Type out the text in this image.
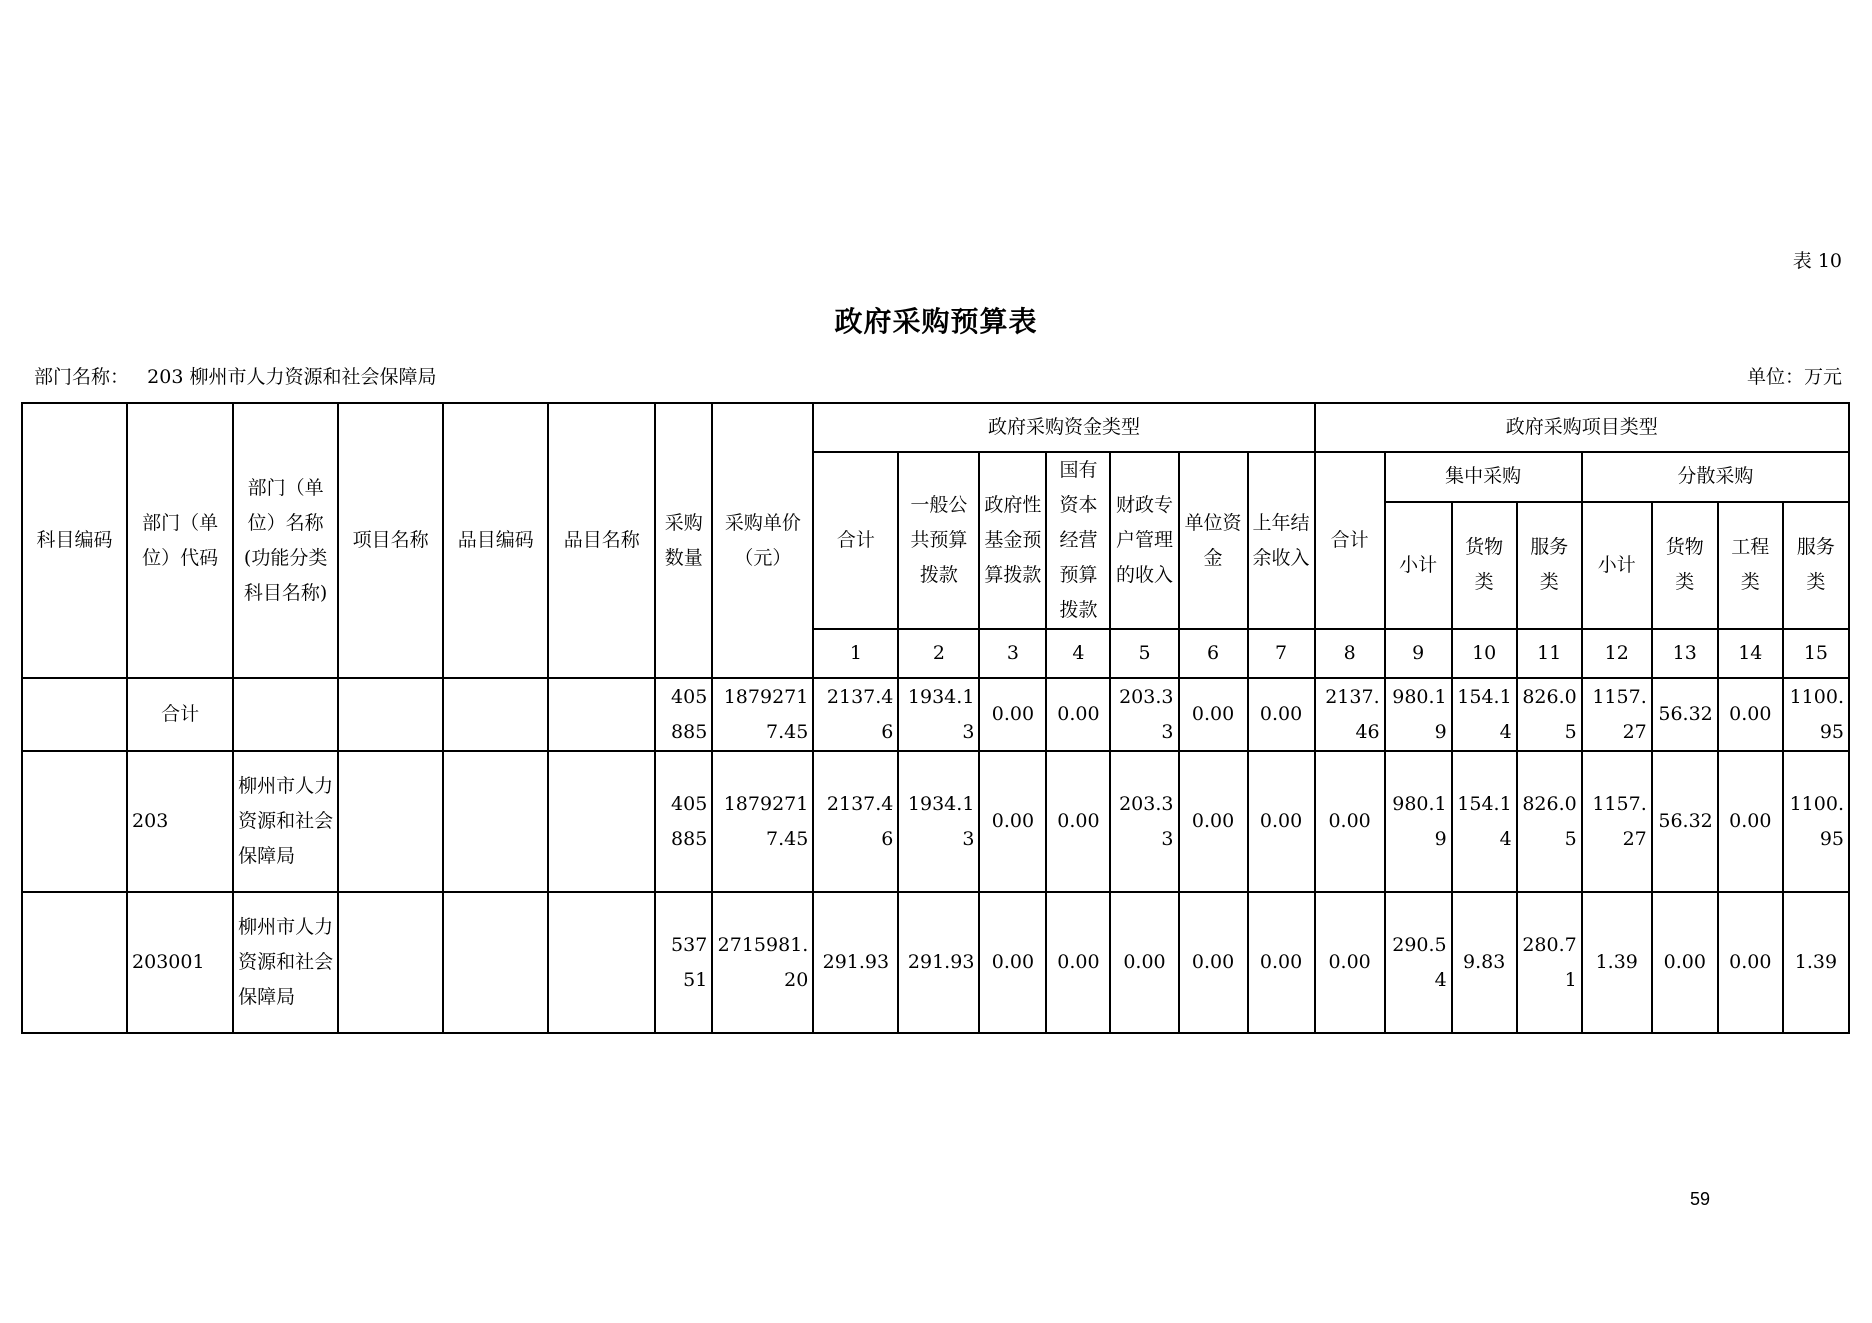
表 10
政府采购预算表
部门名称： 203 柳州市人力资源和社会保障局	单位：万元
科目编码	部门（单位）代码	部门（单位）名称(功能分类科目名称)	项目名称	品目编码	品目名称	采购数量	采购单价（元）	政府采购资金类型							政府采购项目类型							
								合计	一般公共预算拨款	政府性基金预算拨款	国有资本经营预算拨款	财政专户管理的收入	单位资金	上年结余收入	合计	集中采购			分散采购			
																小计	货物类	服务类	小计	货物类	工程类	服务类
								1	2	3	4	5	6	7	8	9	10	11	12	13	14	15
	合计					405885	18792717.45	2137.46	1934.13	0.00	0.00	203.33	0.00	0.00	2137.46	980.19	154.14	826.05	1157.27	56.32	0.00	1100.95
	203	柳州市人力资源和社会保障局				405885	18792717.45	2137.46	1934.13	0.00	0.00	203.33	0.00	0.00	0.00	980.19	154.14	826.05	1157.27	56.32	0.00	1100.95
	203001	柳州市人力资源和社会保障局				53751	2715981.20	291.93	291.93	0.00	0.00	0.00	0.00	0.00	0.00	290.54	9.83	280.71	1.39	0.00	0.00	1.39
59
